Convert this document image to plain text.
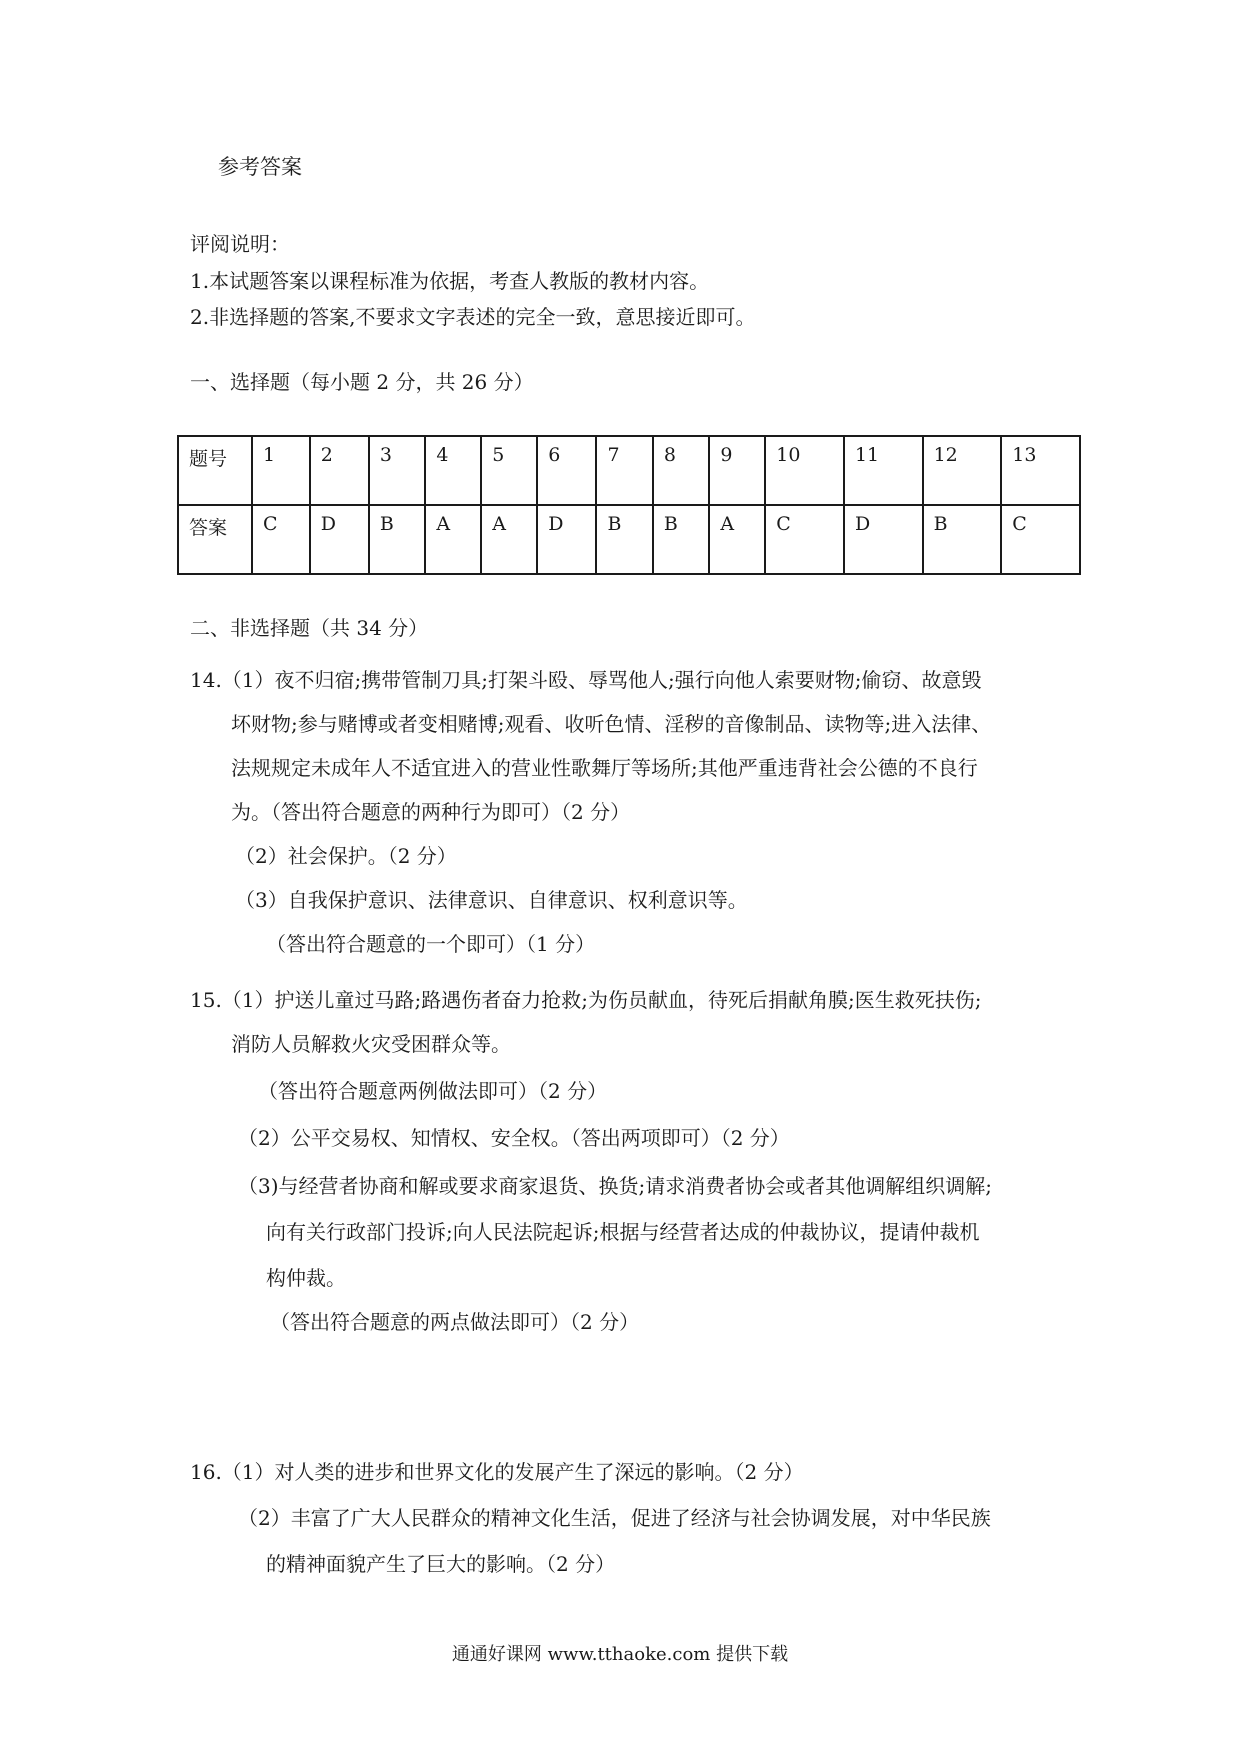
参考答案
评阅说明：
1.本试题答案以课程标准为依据，考查人教版的教材内容。
2.非选择题的答案,不要求文字表述的完全一致，意思接近即可。
一、选择题（每小题 2 分，共 26 分）
题号	1	2	3	4	5	6	7	8	9	10	11	12	13
答案	C	D	B	A	A	D	B	B	A	C	D	B	C
二、非选择题（共 34 分）
14.（1）夜不归宿;携带管制刀具;打架斗殴、辱骂他人;强行向他人索要财物;偷窃、故意毁
坏财物;参与赌博或者变相赌博;观看、收听色情、淫秽的音像制品、读物等;进入法律、
法规规定未成年人不适宜进入的营业性歌舞厅等场所;其他严重违背社会公德的不良行
为。（答出符合题意的两种行为即可）（2 分）
（2）社会保护。（2 分）
（3）自我保护意识、法律意识、自律意识、权利意识等。
（答出符合题意的一个即可）（1 分）
15.（1）护送儿童过马路;路遇伤者奋力抢救;为伤员献血，待死后捐献角膜;医生救死扶伤;
消防人员解救火灾受困群众等。
（答出符合题意两例做法即可）（2 分）
（2）公平交易权、知情权、安全权。（答出两项即可）（2 分）
（3)与经营者协商和解或要求商家退货、换货;请求消费者协会或者其他调解组织调解;
向有关行政部门投诉;向人民法院起诉;根据与经营者达成的仲裁协议，提请仲裁机
构仲裁。
（答出符合题意的两点做法即可）（2 分）
16.（1）对人类的进步和世界文化的发展产生了深远的影响。（2 分）
（2）丰富了广大人民群众的精神文化生活，促进了经济与社会协调发展，对中华民族
的精神面貌产生了巨大的影响。（2 分）
通通好课网 www.tthaoke.com 提供下载
